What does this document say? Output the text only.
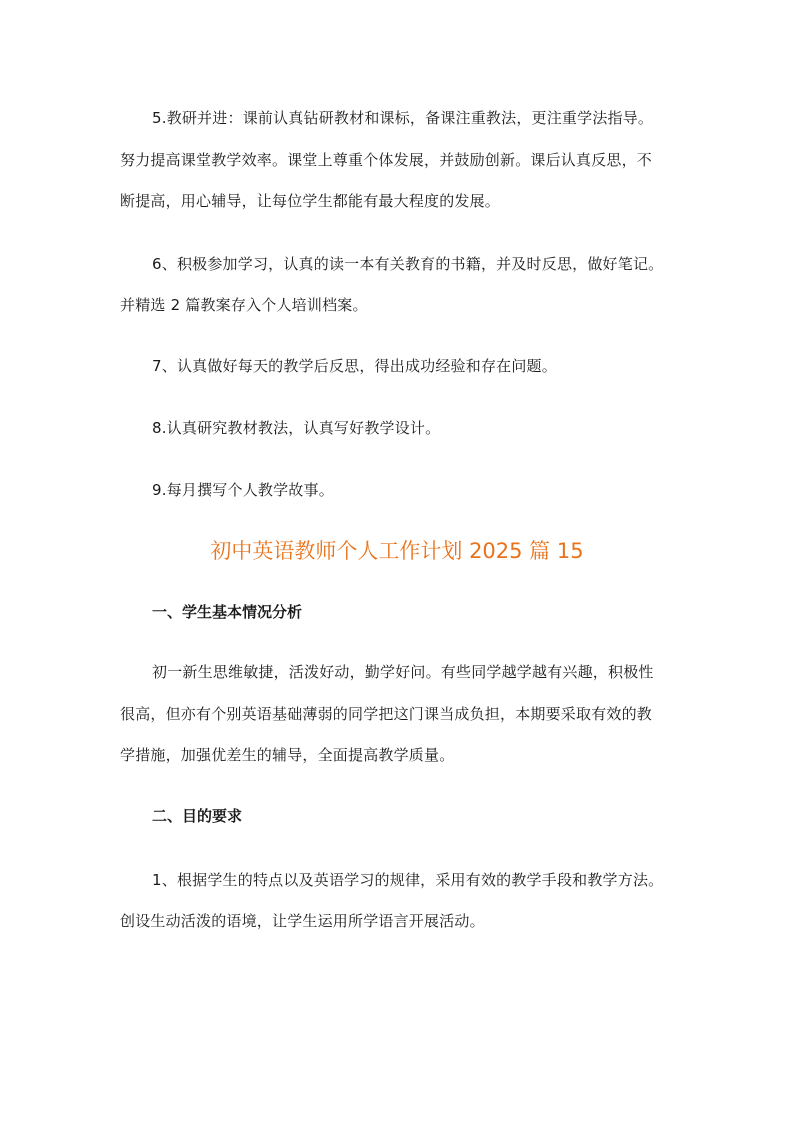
5.教研并进：课前认真钻研教材和课标，备课注重教法，更注重学法指导。
努力提高课堂教学效率。课堂上尊重个体发展，并鼓励创新。课后认真反思，不
断提高，用心辅导，让每位学生都能有最大程度的发展。
6、积极参加学习，认真的读一本有关教育的书籍，并及时反思，做好笔记。
并精选 2 篇教案存入个人培训档案。
7、认真做好每天的教学后反思，得出成功经验和存在问题。
8.认真研究教材教法，认真写好教学设计。
9.每月撰写个人教学故事。
初中英语教师个人工作计划 2025 篇 15
一、学生基本情况分析
初一新生思维敏捷，活泼好动，勤学好问。有些同学越学越有兴趣，积极性
很高，但亦有个别英语基础薄弱的同学把这门课当成负担，本期要采取有效的教
学措施，加强优差生的辅导，全面提高教学质量。
二、目的要求
1、根据学生的特点以及英语学习的规律，采用有效的教学手段和教学方法。
创设生动活泼的语境，让学生运用所学语言开展活动。
